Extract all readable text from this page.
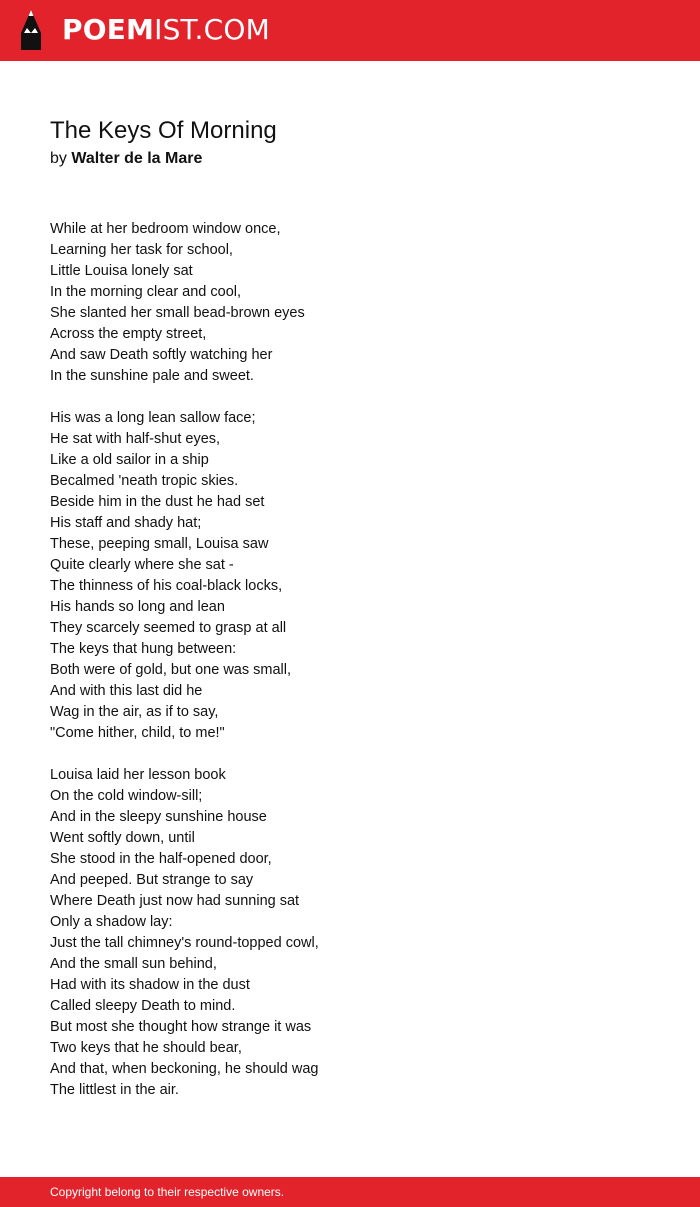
POEMIST.COM
The Keys Of Morning
by Walter de la Mare
While at her bedroom window once,
Learning her task for school,
Little Louisa lonely sat
In the morning clear and cool,
She slanted her small bead-brown eyes
Across the empty street,
And saw Death softly watching her
In the sunshine pale and sweet.
His was a long lean sallow face;
He sat with half-shut eyes,
Like a old sailor in a ship
Becalmed 'neath tropic skies.
Beside him in the dust he had set
His staff and shady hat;
These, peeping small, Louisa saw
Quite clearly where she sat -
The thinness of his coal-black locks,
His hands so long and lean
They scarcely seemed to grasp at all
The keys that hung between:
Both were of gold, but one was small,
And with this last did he
Wag in the air, as if to say,
"Come hither, child, to me!"
Louisa laid her lesson book
On the cold window-sill;
And in the sleepy sunshine house
Went softly down, until
She stood in the half-opened door,
And peeped. But strange to say
Where Death just now had sunning sat
Only a shadow lay:
Just the tall chimney's round-topped cowl,
And the small sun behind,
Had with its shadow in the dust
Called sleepy Death to mind.
But most she thought how strange it was
Two keys that he should bear,
And that, when beckoning, he should wag
The littlest in the air.
Copyright belong to their respective owners.
